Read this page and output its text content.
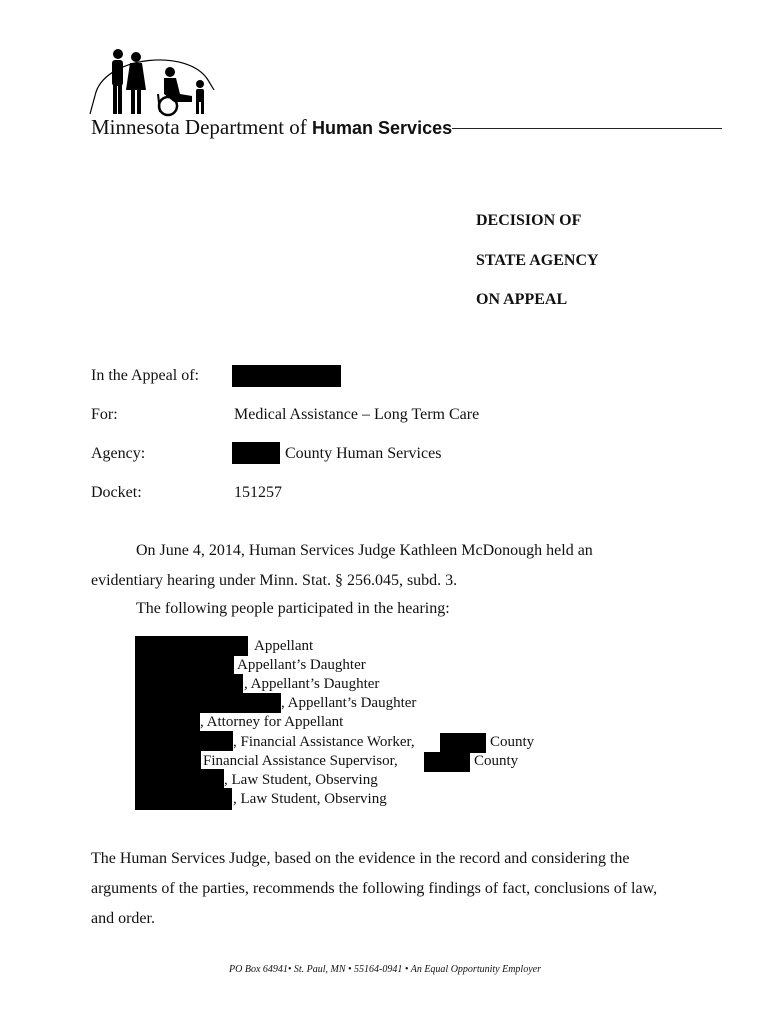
Minnesota Department of Human Services
DECISION OF
STATE AGENCY
ON APPEAL
In the Appeal of:
For:	Medical Assistance – Long Term Care
Agency:	County Human Services
Docket:	151257
On June 4, 2014, Human Services Judge Kathleen McDonough held an
evidentiary hearing under Minn. Stat. § 256.045, subd. 3.
The following people participated in the hearing:
Appellant
Appellant’s Daughter
, Appellant’s Daughter
, Appellant’s Daughter
, Attorney for Appellant
, Financial Assistance Worker,	County
Financial Assistance Supervisor,	County
, Law Student, Observing
, Law Student, Observing
The Human Services Judge, based on the evidence in the record and considering the
arguments of the parties, recommends the following findings of fact, conclusions of law,
and order.
PO Box 64941• St. Paul, MN • 55164-0941 • An Equal Opportunity Employer
